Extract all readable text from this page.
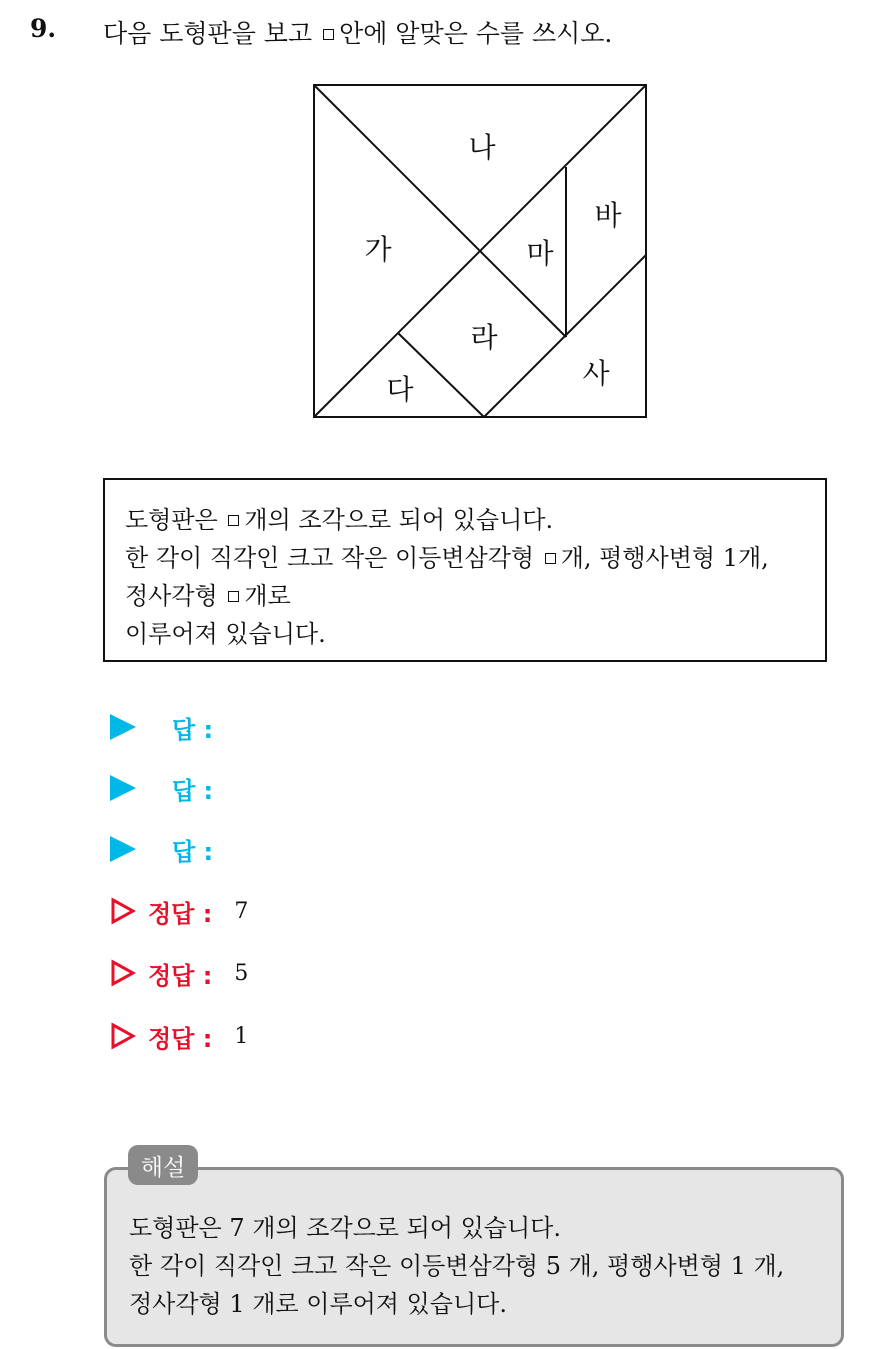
9. 다음 도형판을 보고 안에 알맞은 수를 쓰시오.
가
나
다
라
마
바
사

도형판은 개의 조각으로 되어 있습니다.

한 각이 직각인 크고 작은 이등변삼각형 개, 평행사변형 1개,

정사각형 개로

이루어져 있습니다.

답 :
답 :
답 :
정답 : 7
정답 : 5
정답 : 1

도형판은 7 개의 조각으로 되어 있습니다.

한 각이 직각인 크고 작은 이등변삼각형 5 개, 평행사변형 1 개,

정사각형 1 개로 이루어져 있습니다.

해설
